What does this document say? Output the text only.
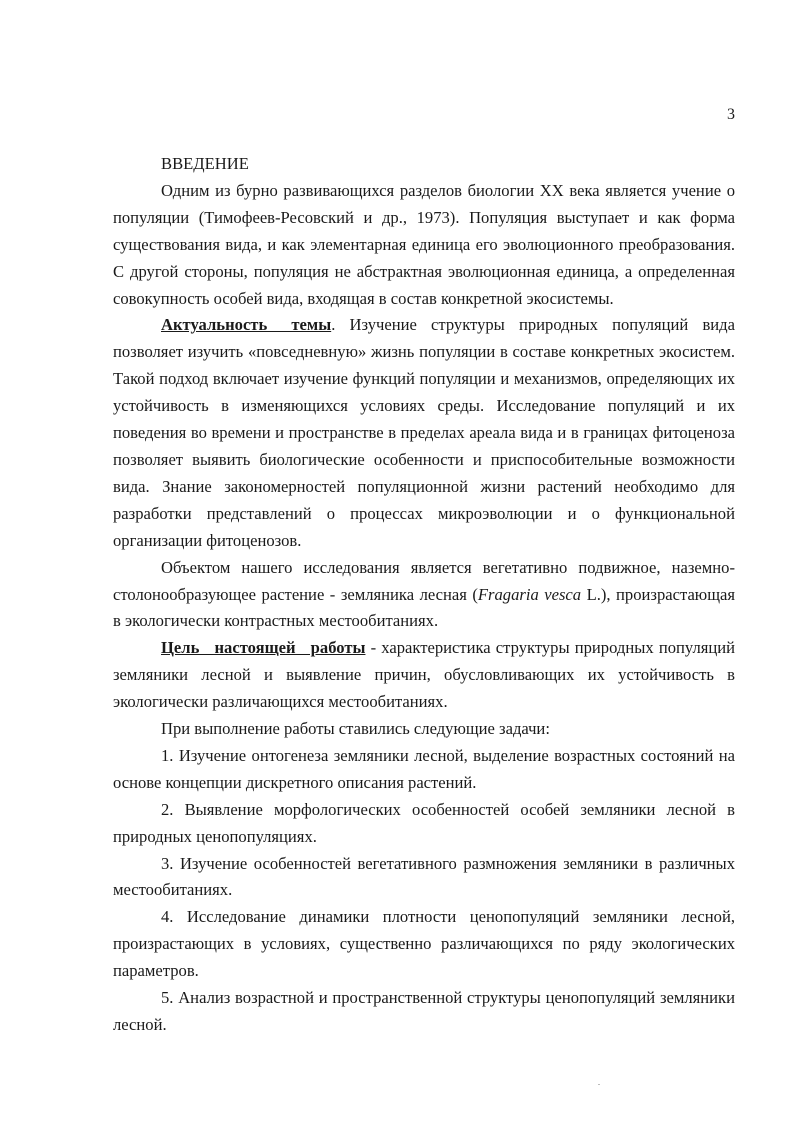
3

ВВЕДЕНИЕ

Одним из бурно развивающихся разделов биологии XX века является учение о популяции (Тимофеев-Ресовский и др., 1973). Популяция выступает и как форма существования вида, и как элементарная единица его эволюционного преобразования. С другой стороны, популяция не абстрактная эволюционная единица, а определенная совокупность особей вида, входящая в состав конкретной экосистемы.

Актуальность темы. Изучение структуры природных популяций вида позволяет изучить «повседневную» жизнь популяции в составе конкретных экосистем. Такой подход включает изучение функций популяции и механизмов, определяющих их устойчивость в изменяющихся условиях среды. Исследование популяций и их поведения во времени и пространстве в пределах ареала вида и в границах фитоценоза позволяет выявить биологические особенности и приспособительные возможности вида. Знание закономерностей популяционной жизни растений необходимо для разработки представлений о процессах микроэволюции и о функциональной организации фитоценозов.

Объектом нашего исследования является вегетативно подвижное, наземно-столонообразующее растение - земляника лесная (Fragaria vesca L.), произрастающая в экологически контрастных местообитаниях.

Цель настоящей работы - характеристика структуры природных популяций земляники лесной и выявление причин, обусловливающих их устойчивость в экологически различающихся местообитаниях.

При выполнение работы ставились следующие задачи:

1. Изучение онтогенеза земляники лесной, выделение возрастных состояний на основе концепции дискретного описания растений.

2. Выявление морфологических особенностей особей земляники лесной в природных ценопопуляциях.

3. Изучение особенностей вегетативного размножения земляники в различных местообитаниях.

4. Исследование динамики плотности ценопопуляций земляники лесной, произрастающих в условиях, существенно различающихся по ряду экологических параметров.

5. Анализ возрастной и пространственной структуры ценопопуляций земляники лесной.
